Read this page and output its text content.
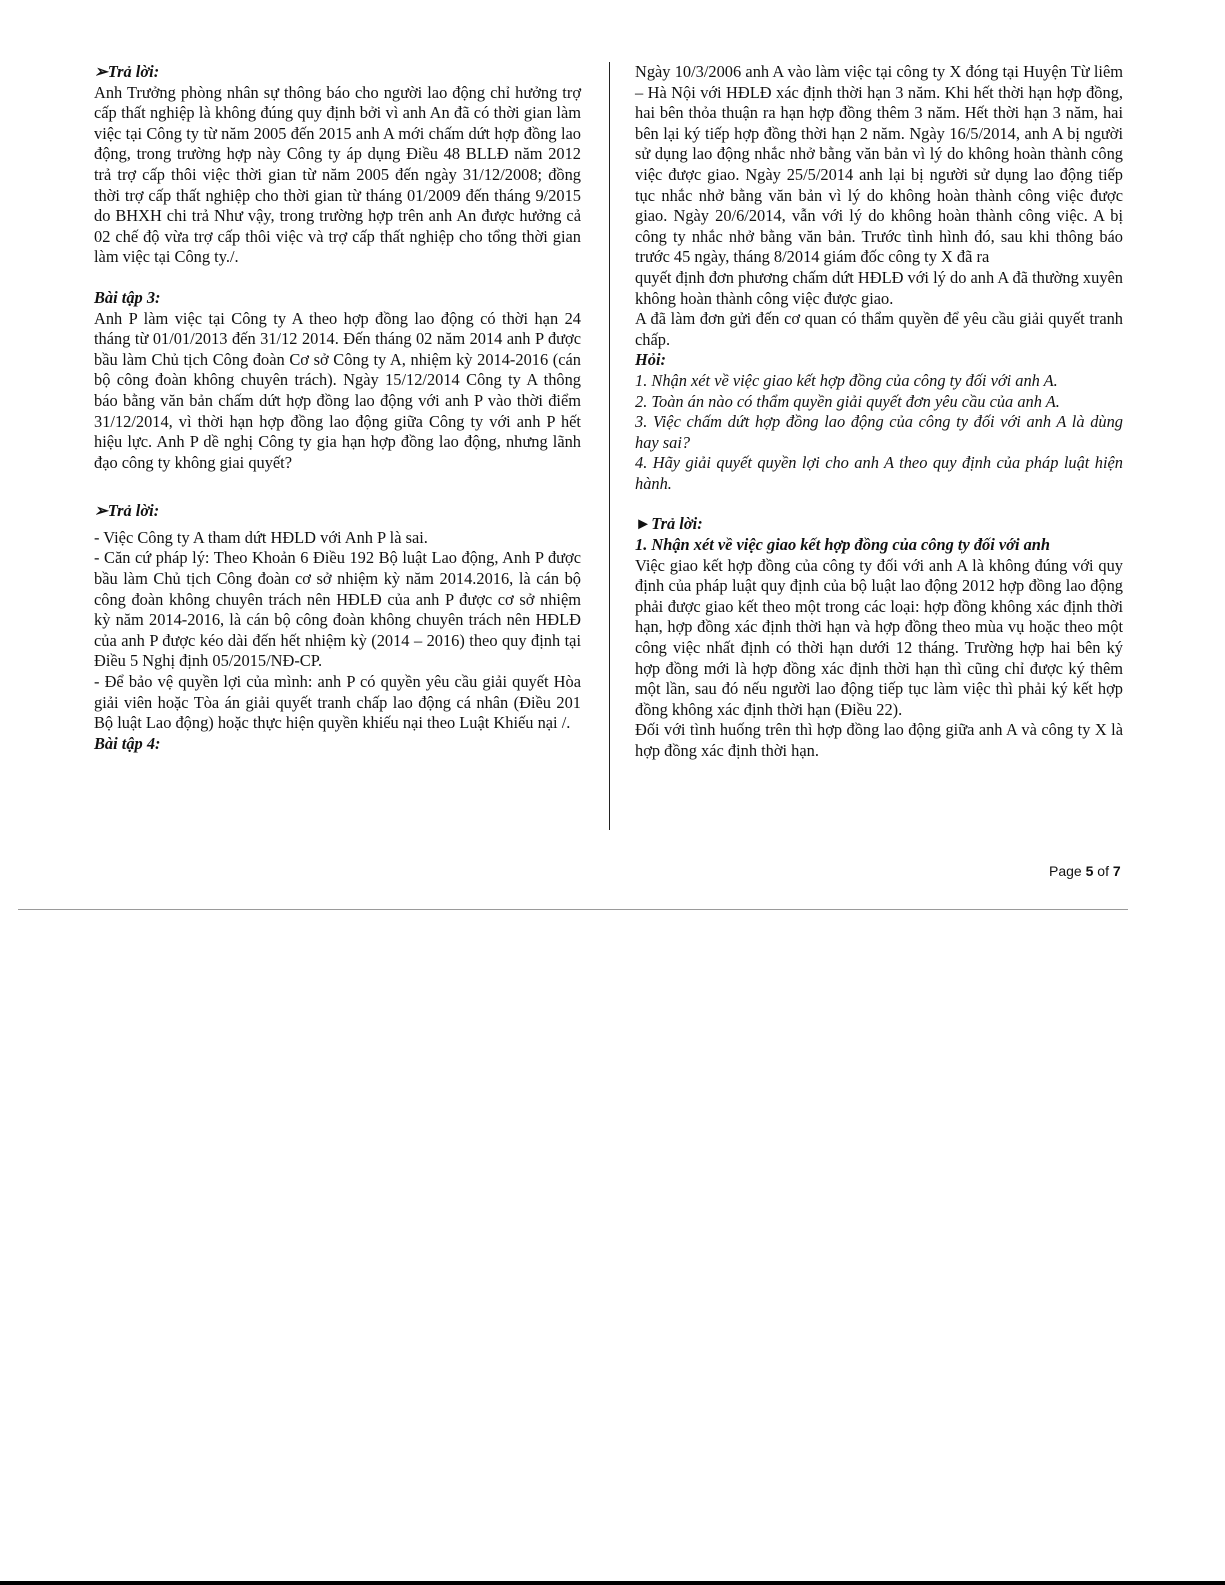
➢Trả lời:

Anh Trưởng phòng nhân sự thông báo cho người lao động chỉ hưởng trợ cấp thất nghiệp là không đúng quy định bởi vì anh An đã có thời gian làm việc tại Công ty từ năm 2005 đến 2015 anh A mới chấm dứt hợp đồng lao động, trong trường hợp này Công ty áp dụng Điều 48 BLLĐ năm 2012 trả trợ cấp thôi việc thời gian từ năm 2005 đến ngày 31/12/2008; đồng thời trợ cấp thất nghiệp cho thời gian từ tháng 01/2009 đến tháng 9/2015 do BHXH chi trả Như vậy, trong trường hợp trên anh An được hưởng cả 02 chế độ vừa trợ cấp thôi việc và trợ cấp thất nghiệp cho tổng thời gian làm việc tại Công ty./.

Bài tập 3:

Anh P làm việc tại Công ty A theo hợp đồng lao động có thời hạn 24 tháng từ 01/01/2013 đến 31/12 2014. Đến tháng 02 năm 2014 anh P được bầu làm Chủ tịch Công đoàn Cơ sở Công ty A, nhiệm kỳ 2014-2016 (cán bộ công đoàn không chuyên trách). Ngày 15/12/2014 Công ty A thông báo bằng văn bản chấm dứt hợp đồng lao động với anh P vào thời điểm 31/12/2014, vì thời hạn hợp đồng lao động giữa Công ty với anh P hết hiệu lực. Anh P dề nghị Công ty gia hạn hợp đồng lao động, nhưng lãnh đạo công ty không giai quyết?

➢Trả lời:

- Việc Công ty A tham dứt HĐLD với Anh P là sai.

- Căn cứ pháp lý: Theo Khoản 6 Điều 192 Bộ luật Lao động, Anh P được bầu làm Chủ tịch Công đoàn cơ sở nhiệm kỳ năm 2014.2016, là cán bộ công đoàn không chuyên trách nên HĐLĐ của anh P được cơ sở nhiệm kỳ năm 2014-2016, là cán bộ công đoàn không chuyên trách nên HĐLĐ của anh P được kéo dài đến hết nhiệm kỳ (2014 – 2016) theo quy định tại Điều 5 Nghị định 05/2015/NĐ-CP.

- Để bảo vệ quyền lợi của mình: anh P có quyền yêu cầu giải quyết Hòa giải viên hoặc Tòa án giải quyết tranh chấp lao động cá nhân (Điều 201 Bộ luật Lao động) hoặc thực hiện quyền khiếu nại theo Luật Khiếu nại /.

Bài tập 4:

Ngày 10/3/2006 anh A vào làm việc tại công ty X đóng tại Huyện Từ liêm – Hà Nội với HĐLĐ xác định thời hạn 3 năm. Khi hết thời hạn hợp đồng, hai bên thỏa thuận ra hạn hợp đồng thêm 3 năm. Hết thời hạn 3 năm, hai bên lại ký tiếp hợp đồng thời hạn 2 năm. Ngày 16/5/2014, anh A bị người sử dụng lao động nhắc nhở bằng văn bản vì lý do không hoàn thành công việc được giao. Ngày 25/5/2014 anh lại bị người sử dụng lao động tiếp tục nhắc nhở bằng văn bản vì lý do không hoàn thành công việc được giao. Ngày 20/6/2014, vẫn với lý do không hoàn thành công việc. A bị công ty nhắc nhở bằng văn bản. Trước tình hình đó, sau khi thông báo trước 45 ngày, tháng 8/2014 giám đốc công ty X đã ra

quyết định đơn phương chấm dứt HĐLĐ với lý do anh A đã thường xuyên không hoàn thành công việc được giao.

A đã làm đơn gửi đến cơ quan có thẩm quyền để yêu cầu giải quyết tranh chấp.

Hỏi:

1. Nhận xét về việc giao kết hợp đồng của công ty đối với anh A.

2. Toàn án nào có thẩm quyền giải quyết đơn yêu cầu của anh A.

3. Việc chấm dứt hợp đồng lao động của công ty đối với anh A là dùng hay sai?

4. Hãy giải quyết quyền lợi cho anh A theo quy định của pháp luật hiện hành.

►Trả lời:

1. Nhận xét về việc giao kết hợp đồng của công ty đối với anh

Việc giao kết hợp đồng của công ty đối với anh A là không đúng với quy định của pháp luật quy định của bộ luật lao động 2012 hợp đồng lao động phải được giao kết theo một trong các loại: hợp đồng không xác định thời hạn, hợp đồng xác định thời hạn và hợp đồng theo mùa vụ hoặc theo một công việc nhất định có thời hạn dưới 12 tháng. Trường hợp hai bên ký hợp đồng mới là hợp đồng xác định thời hạn thì cũng chỉ được ký thêm một lần, sau đó nếu người lao động tiếp tục làm việc thì phải ký kết hợp đồng không xác định thời hạn (Điều 22).

Đối với tình huống trên thì hợp đồng lao động giữa anh A và công ty X là hợp đồng xác định thời hạn.

Page 5 of 7
